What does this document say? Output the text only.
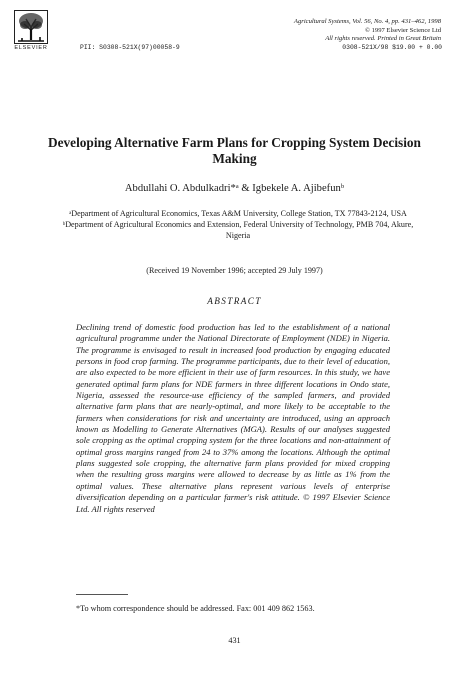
ELSEVIER
Agricultural Systems, Vol. 56, No. 4, pp. 431–462, 1998
© 1997 Elsevier Science Ltd
All rights reserved. Printed in Great Britain
PII: S0308-521X(97)00058-9	0308-521X/98 $19.00 + 0.00
Developing Alternative Farm Plans for Cropping System Decision Making
Abdullahi O. Abdulkadri*ᵃ & Igbekele A. Ajibefunᵇ

ᵃDepartment of Agricultural Economics, Texas A&M University, College Station, TX 77843-2124, USA

ᵇDepartment of Agricultural Economics and Extension, Federal University of Technology, PMB 704, Akure, Nigeria

(Received 19 November 1996; accepted 29 July 1997)
ABSTRACT

Declining trend of domestic food production has led to the establishment of a national agricultural programme under the National Directorate of Employment (NDE) in Nigeria. The programme is envisaged to result in increased food production by engaging educated persons in food crop farming. The programme participants, due to their level of education, are also expected to be more efficient in their use of farm resources. In this study, we have generated optimal farm plans for NDE farmers in three different locations in Ondo state, Nigeria, assessed the resource-use efficiency of the sampled farmers, and provided alternative farm plans that are nearly-optimal, and more likely to be acceptable to the farmers when considerations for risk and uncertainty are introduced, using an approach known as Modelling to Generate Alternatives (MGA). Results of our analyses suggested sole cropping as the optimal cropping system for the three locations and non-attainment of optimal gross margins ranged from 24 to 37% among the locations. Although the optimal plans suggested sole cropping, the alternative farm plans provided for mixed cropping when the resulting gross margins were allowed to decrease by as little as 1% from the optimal values. These alternative plans represent various levels of enterprise diversification depending on a particular farmer's risk attitude. © 1997 Elsevier Science Ltd. All rights reserved

*To whom correspondence should be addressed. Fax: 001 409 862 1563.
431
